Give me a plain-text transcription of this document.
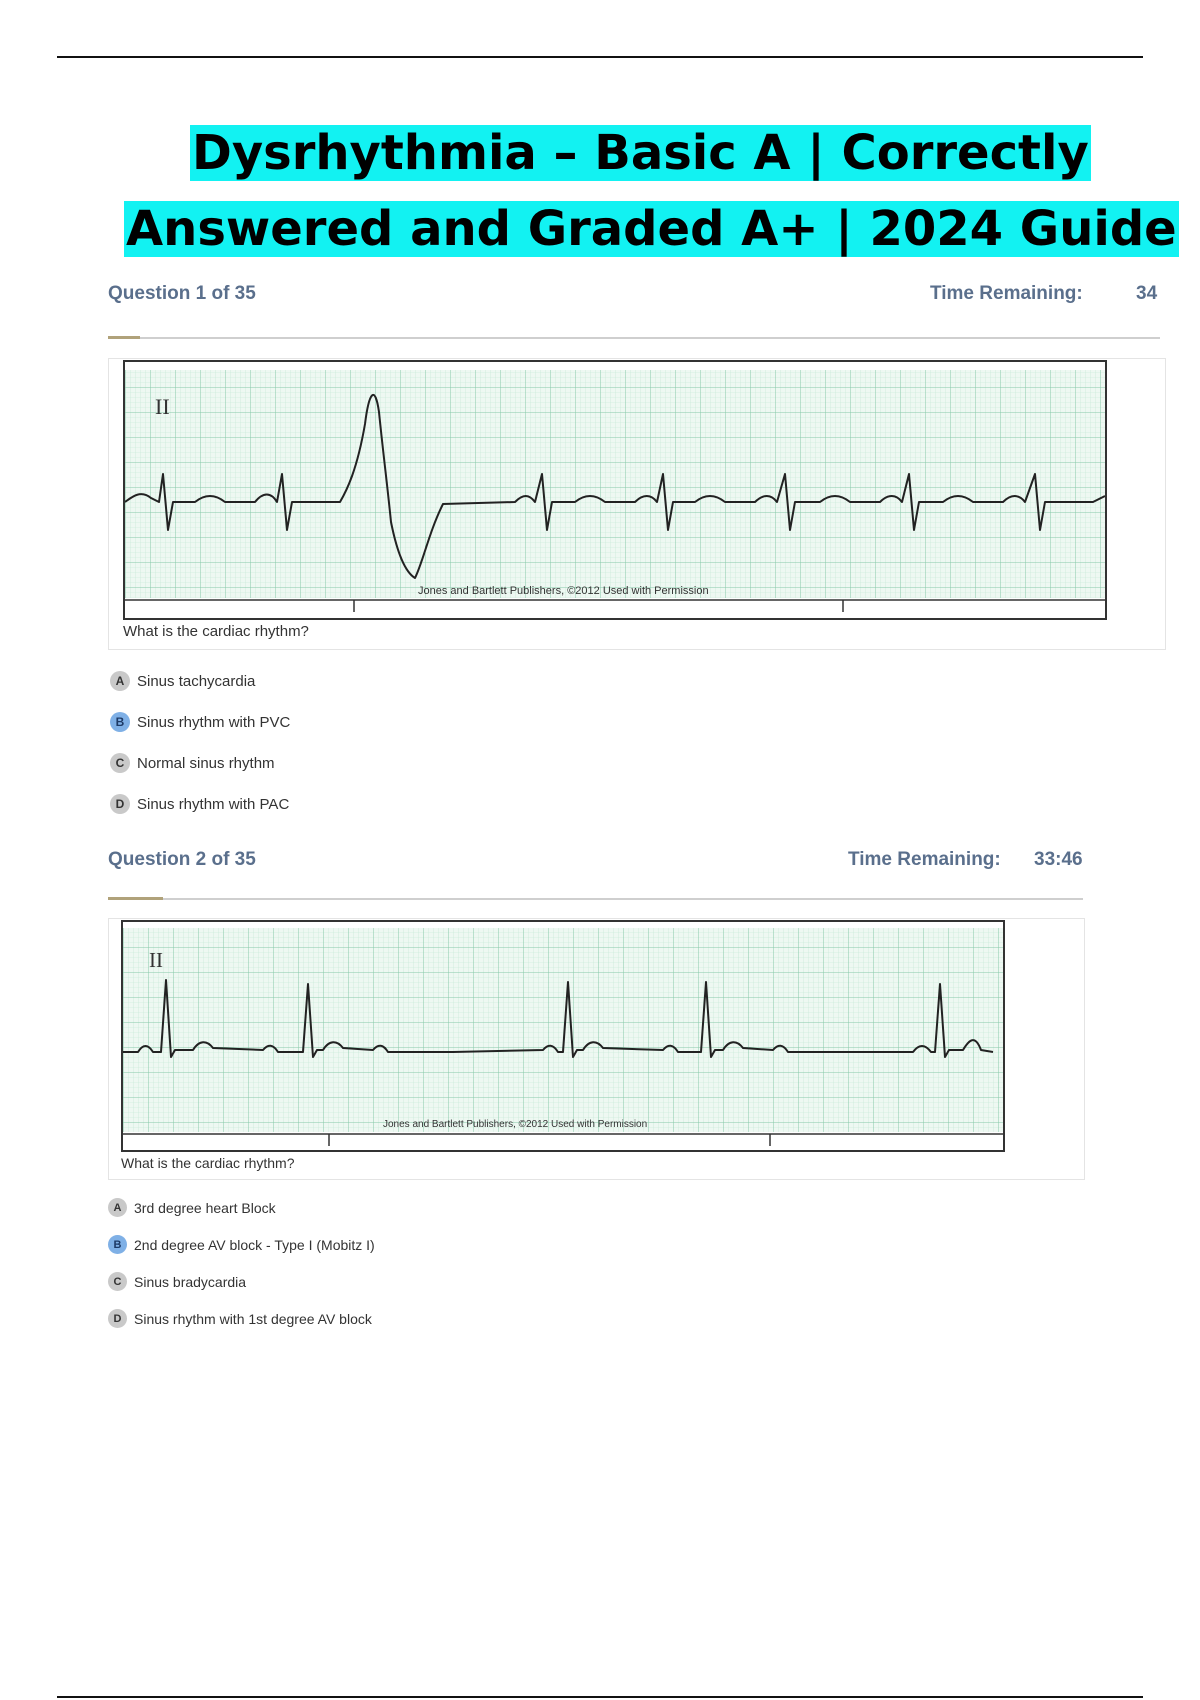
Dysrhythmia – Basic A | Correctly
Answered and Graded A+ | 2024 Guide
Question 1 of 35	Time Remaining:	34
II
Jones and Bartlett Publishers, ©2012 Used with Permission
What is the cardiac rhythm?
A Sinus tachycardia
B Sinus rhythm with PVC
C Normal sinus rhythm
D Sinus rhythm with PAC
Question 2 of 35	Time Remaining: 33:46
II
Jones and Bartlett Publishers, ©2012 Used with Permission
What is the cardiac rhythm?
A 3rd degree heart Block
B 2nd degree AV block - Type I (Mobitz I)
C Sinus bradycardia
D Sinus rhythm with 1st degree AV block
